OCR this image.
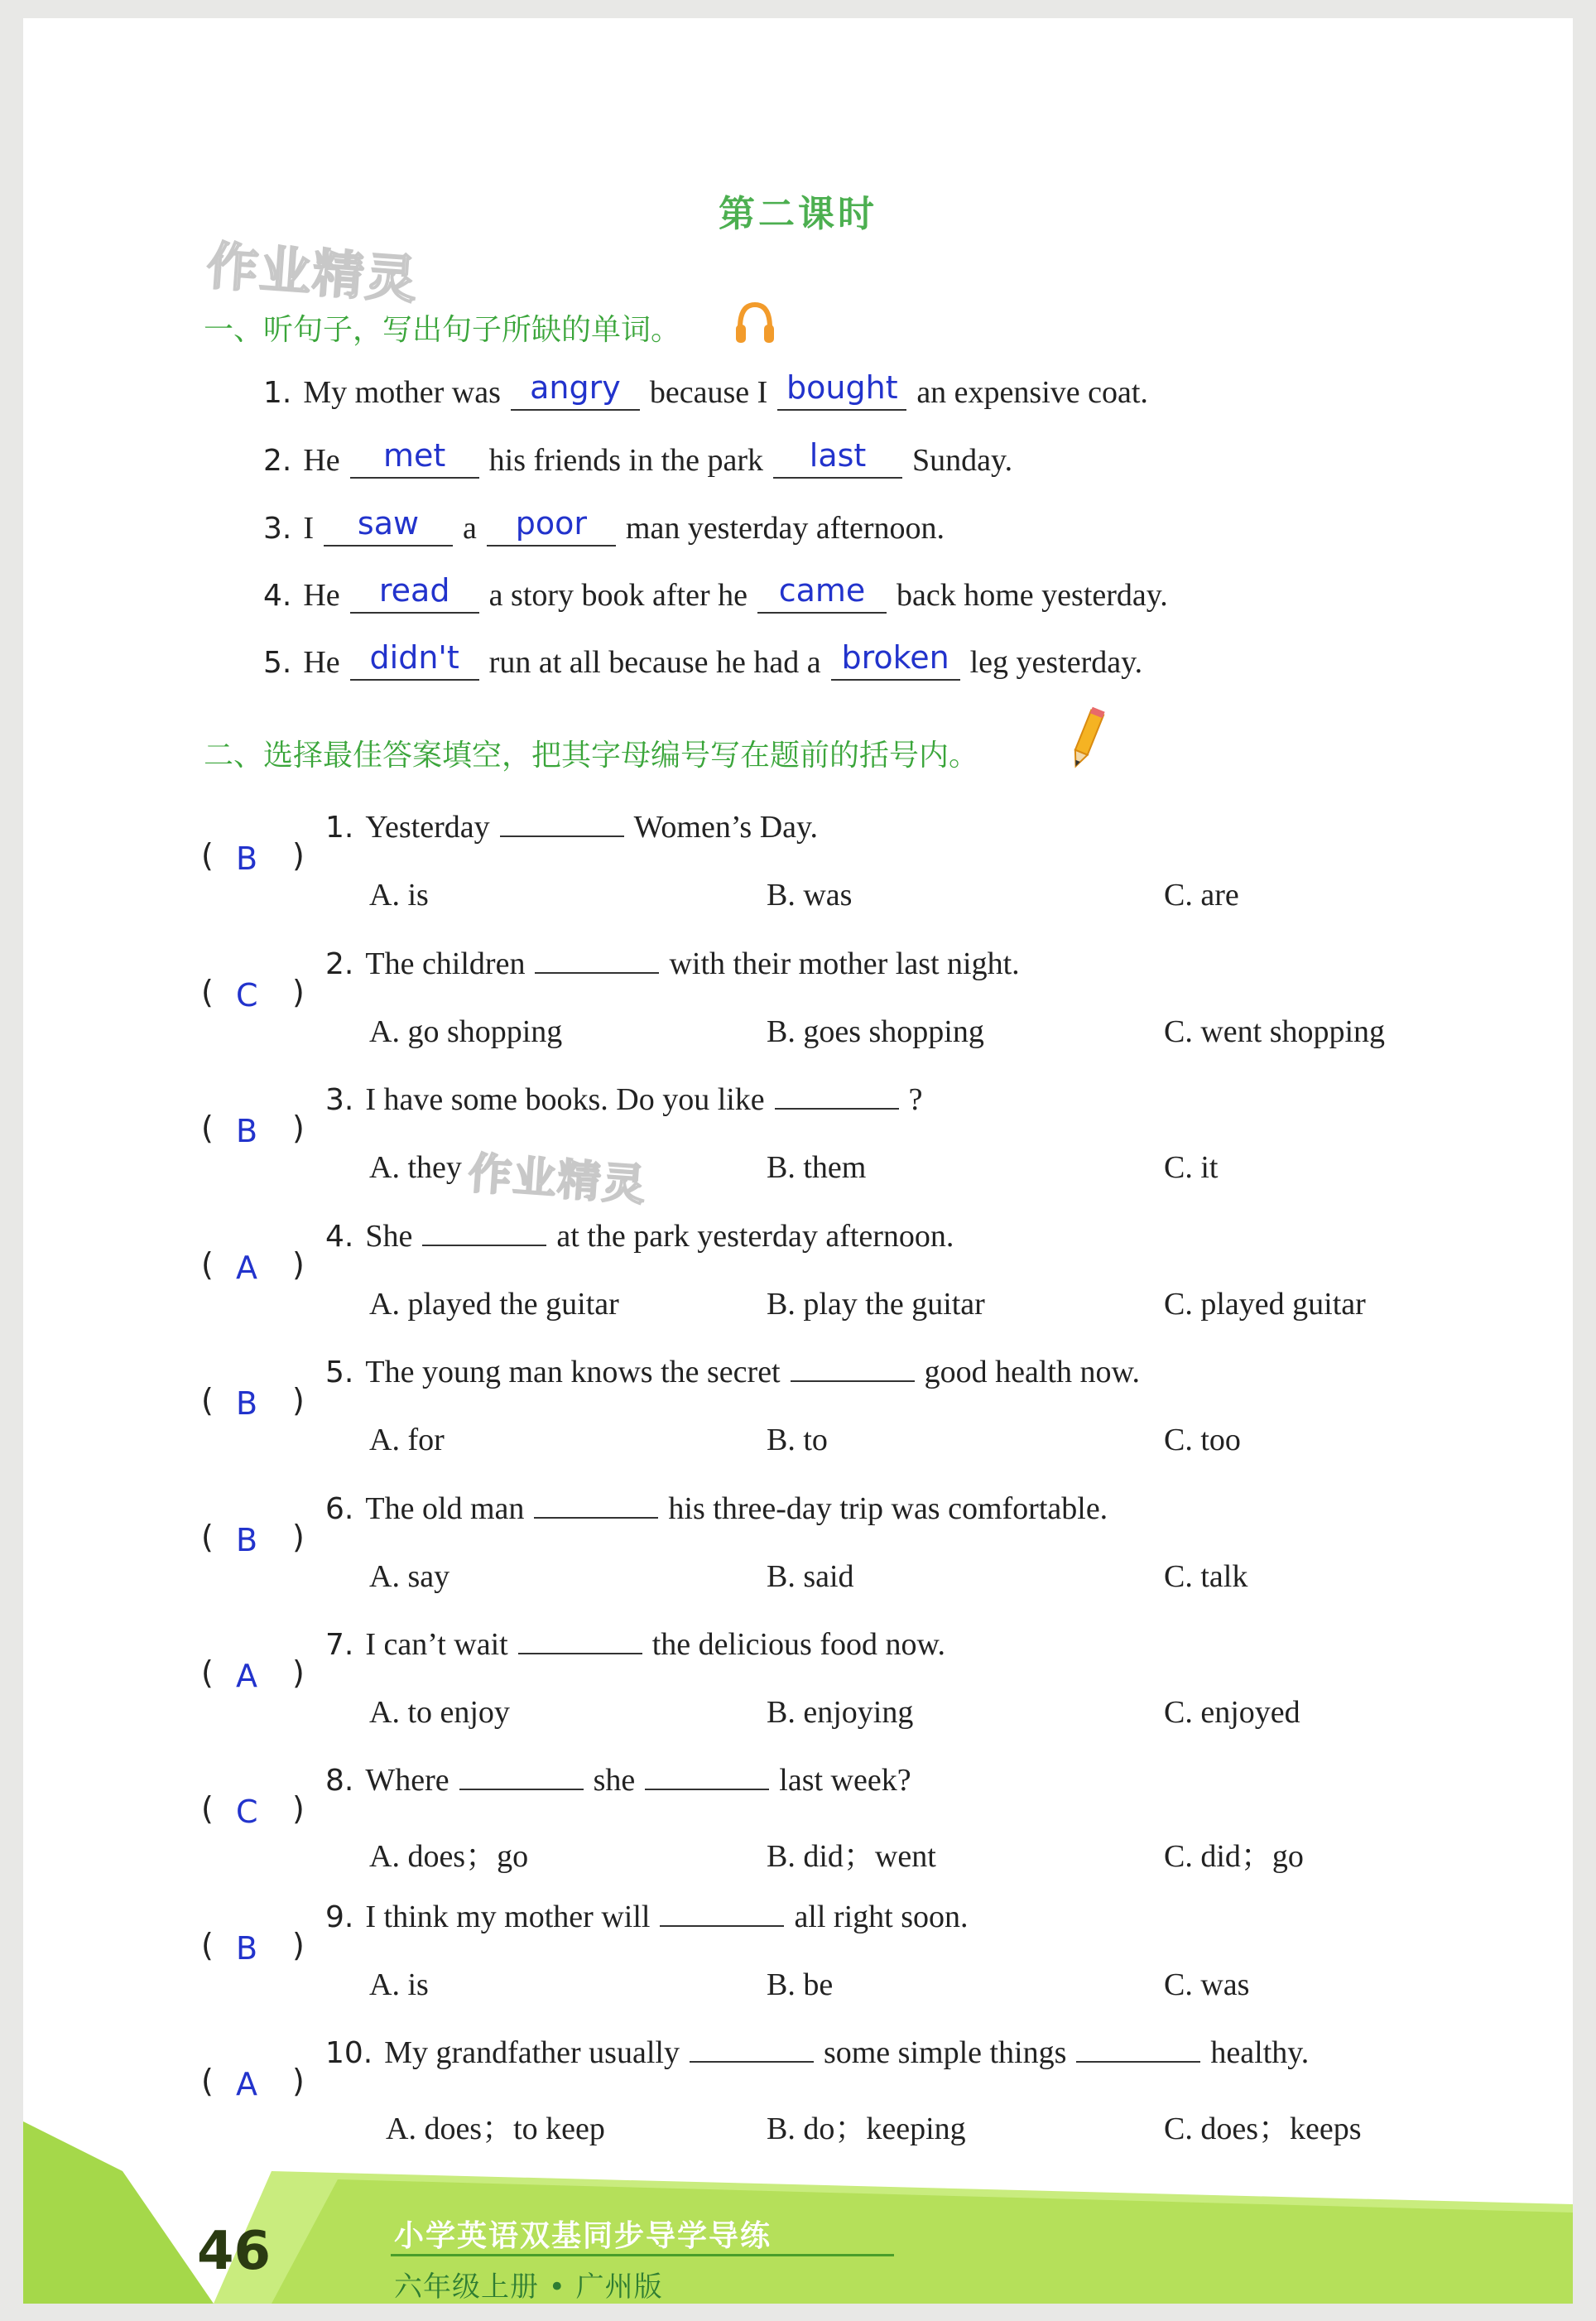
第二课时
作业精灵
作业精灵
一、听句子，写出句子所缺的单词。
1. My mother was angry because I bought an expensive coat.
2. He	met	his friends in the park	last	Sunday.
3. I	saw	a	poor	man yesterday afternoon.
4. He	read	a story book after he came back home yesterday.
5. He didn't run at all because he had a broken leg yesterday.
二、选择最佳答案填空，把其字母编号写在题前的括号内。
( B )
1. Yesterday	Women’s Day.
A. is	B. was	C. are
( C )
2. The children	with their mother last night.
A. go shopping	B. goes shopping	C. went shopping
( B )
3. I have some books. Do you like	?
A. they	B. them	C. it
( A )
4. She	at the park yesterday afternoon.
A. played the guitar	B. play the guitar	C. played guitar
( B )
5. The young man knows the secret	good health now.
A. for	B. to	C. too
( B )
6. The old man	his three-day trip was comfortable.
A. say	B. said	C. talk
( A )
7. I can’t wait	the delicious food now.
A. to enjoy	B. enjoying	C. enjoyed
( C )
8. Where	she	last week?
A. does；go	B. did；went	C. did；go
( B )
9. I think my mother will	all right soon.
A. is	B. be	C. was
( A )
10. My grandfather usually	some simple things	healthy.
A. does；to keep	B. do；keeping	C. does；keeps
46	小学英语双基同步导学导练
六年级上册 • 广州版
